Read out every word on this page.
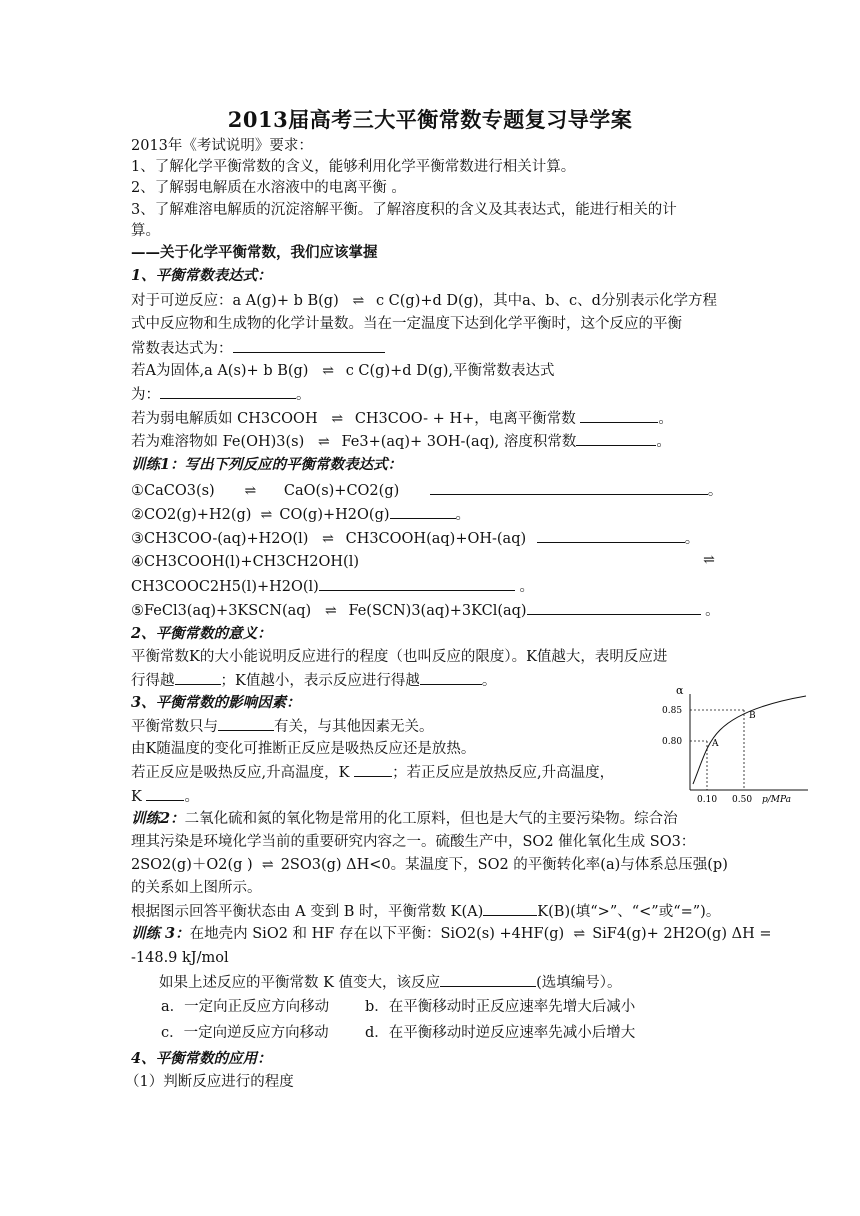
2013届高考三大平衡常数专题复习导学案
2013年《考试说明》要求：
1、了解化学平衡常数的含义，能够利用化学平衡常数进行相关计算。
2、了解弱电解质在水溶液中的电离平衡 。
3、了解难溶电解质的沉淀溶解平衡。了解溶度积的含义及其表达式，能进行相关的计
算。
——关于化学平衡常数，我们应该掌握
1、平衡常数表达式：
对于可逆反应：a A(g)+ b B(g) ⇌ c C(g)+d D(g)，其中a、b、c、d分别表示化学方程
式中反应物和生成物的化学计量数。当在一定温度下达到化学平衡时，这个反应的平衡
常数表达式为：
若A为固体,a A(s)+ b B(g) ⇌ c C(g)+d D(g),平衡常数表达式
为：	。
若为弱电解质如 CH3COOH ⇌ CH3COO- + H+，电离平衡常数	。
若为难溶物如 Fe(OH)3(s) ⇌ Fe3+(aq)+ 3OH-(aq), 溶度积常数	。
训练1：写出下列反应的平衡常数表达式：
①CaCO3(s) ⇌ CaO(s)+CO2(g)	。
②CO2(g)+H2(g) ⇌ CO(g)+H2O(g)	。
③CH3COO-(aq)+H2O(l) ⇌ CH3COOH(aq)+OH-(aq)	。
④CH3COOH(l)+CH3CH2OH(l)	⇌
CH3COOC2H5(l)+H2O(l)	。
⑤FeCl3(aq)+3KSCN(aq) ⇌ Fe(SCN)3(aq)+3KCl(aq)	。
2、平衡常数的意义：
平衡常数K的大小能说明反应进行的程度（也叫反应的限度）。K值越大，表明反应进
行得越	；K值越小，表示反应进行得越	。
3、平衡常数的影响因素：
平衡常数只与	有关，与其他因素无关。
由K随温度的变化可推断正反应是吸热反应还是放热。
若正反应是吸热反应,升高温度，K	；若正反应是放热反应,升高温度，
K	。
α
0.85
0.80
0.10 0.50 p/MPa
A
B
训练2：二氧化硫和氮的氧化物是常用的化工原料，但也是大气的主要污染物。综合治
理其污染是环境化学当前的重要研究内容之一。硫酸生产中，SO2 催化氧化生成 SO3：
2SO2(g)＋O2(g ) ⇌ 2SO3(g) ΔH<0。某温度下，SO2 的平衡转化率(a)与体系总压强(p)
的关系如上图所示。
根据图示回答平衡状态由 A 变到 B 时，平衡常数 K(A)	K(B)(填“>”、“<”或“=”)。
训练 3：在地壳内 SiO2 和 HF 存在以下平衡：SiO2(s) +4HF(g) ⇌ SiF4(g)+ 2H2O(g) ΔH =
-148.9 kJ/mol
如果上述反应的平衡常数 K 值变大，该反应	(选填编号）。
a．一定向正反应方向移动 b．在平衡移动时正反应速率先增大后减小
c．一定向逆反应方向移动	d．在平衡移动时逆反应速率先减小后增大
4、平衡常数的应用：
（1）判断反应进行的程度
